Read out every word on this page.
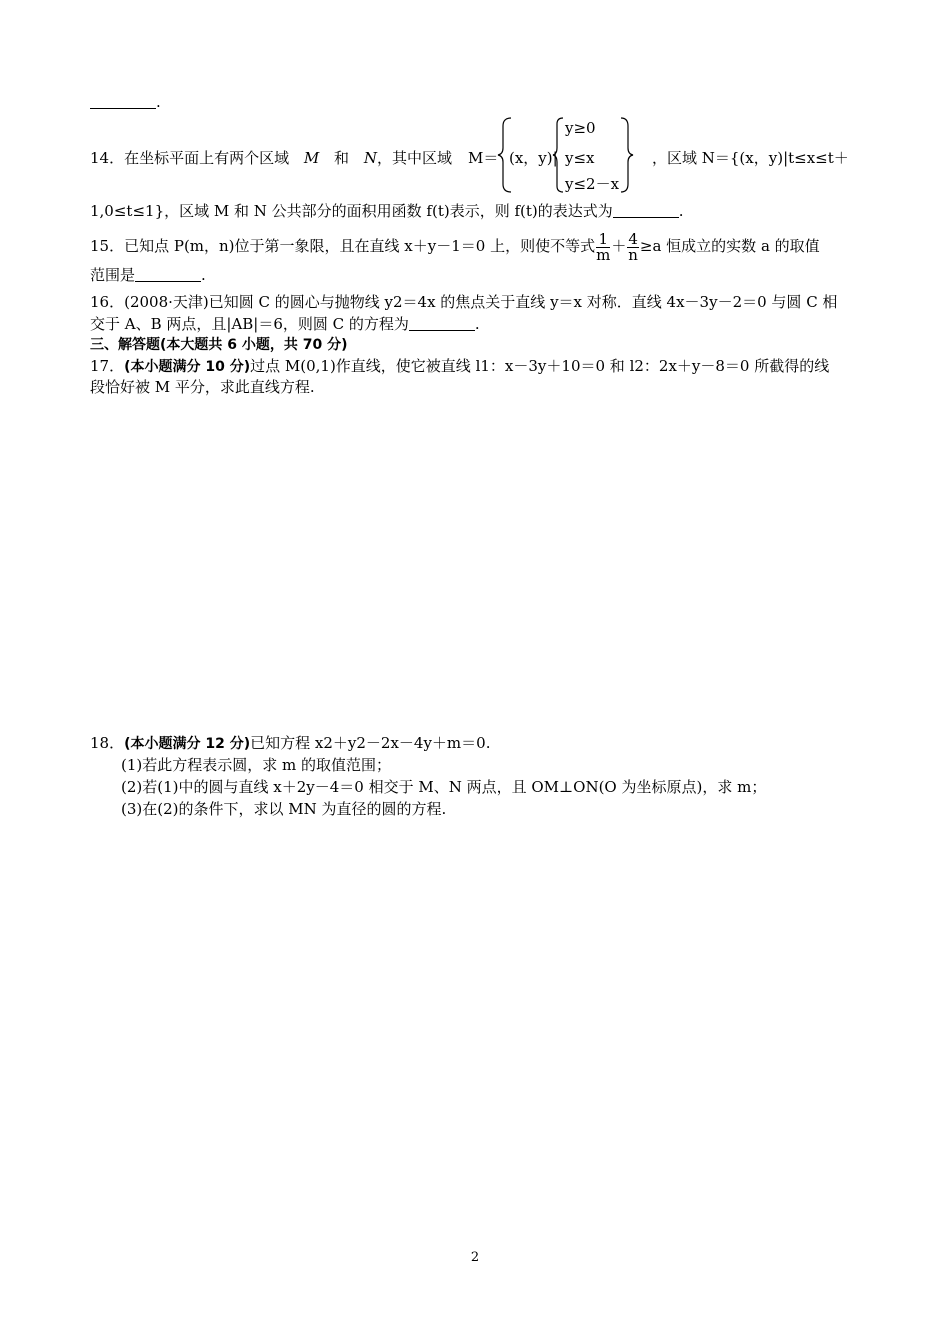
.
14．在坐标平面上有两个区域 M 和 N，其中区域 M＝ (x，y)|
y≥0
y≤x
y≤2－x
，区域 N＝{(x，y)|t≤x≤t＋
1,0≤t≤1}，区域 M 和 N 公共部分的面积用函数 f(t)表示，则 f(t)的表达式为	.
15．已知点 P(m，n)位于第一象限，且在直线 x＋y－1＝0 上，则使不等式 $\frac{1}{m} + \frac{4}{n} \ge a$ 恒成立的实数 a 的取值
范围是	.
16．(2008·天津)已知圆 C 的圆心与抛物线 y2＝4x 的焦点关于直线 y＝x 对称．直线 4x－3y－2＝0 与圆 C 相
交于 A、B 两点，且|AB|＝6，则圆 C 的方程为	.
三、解答题(本大题共 6 小题，共 70 分)
17．(本小题满分 10 分)过点 M(0,1)作直线，使它被直线 l1：x－3y＋10＝0 和 l2：2x＋y－8＝0 所截得的线
段恰好被 M 平分，求此直线方程.
18．(本小题满分 12 分)已知方程 x2＋y2－2x－4y＋m＝0.
(1)若此方程表示圆，求 m 的取值范围；
(2)若(1)中的圆与直线 x＋2y－4＝0 相交于 M、N 两点，且 OM⊥ON(O 为坐标原点)，求 m；
(3)在(2)的条件下，求以 MN 为直径的圆的方程.
2
